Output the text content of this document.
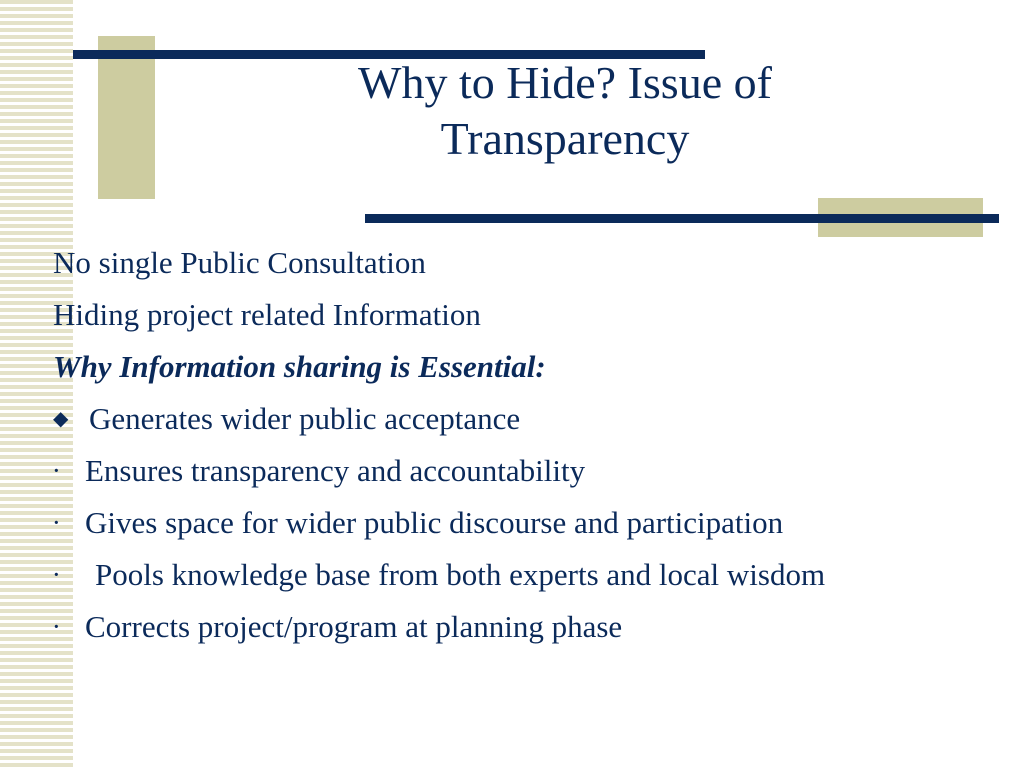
Why to Hide? Issue of
Transparency
No single Public Consultation
Hiding project related Information
Why Information sharing is Essential:
◆ Generates wider public acceptance
· Ensures transparency and accountability
· Gives space for wider public discourse and participation
·	Pools knowledge base from both experts and local wisdom
· Corrects project/program at planning phase
